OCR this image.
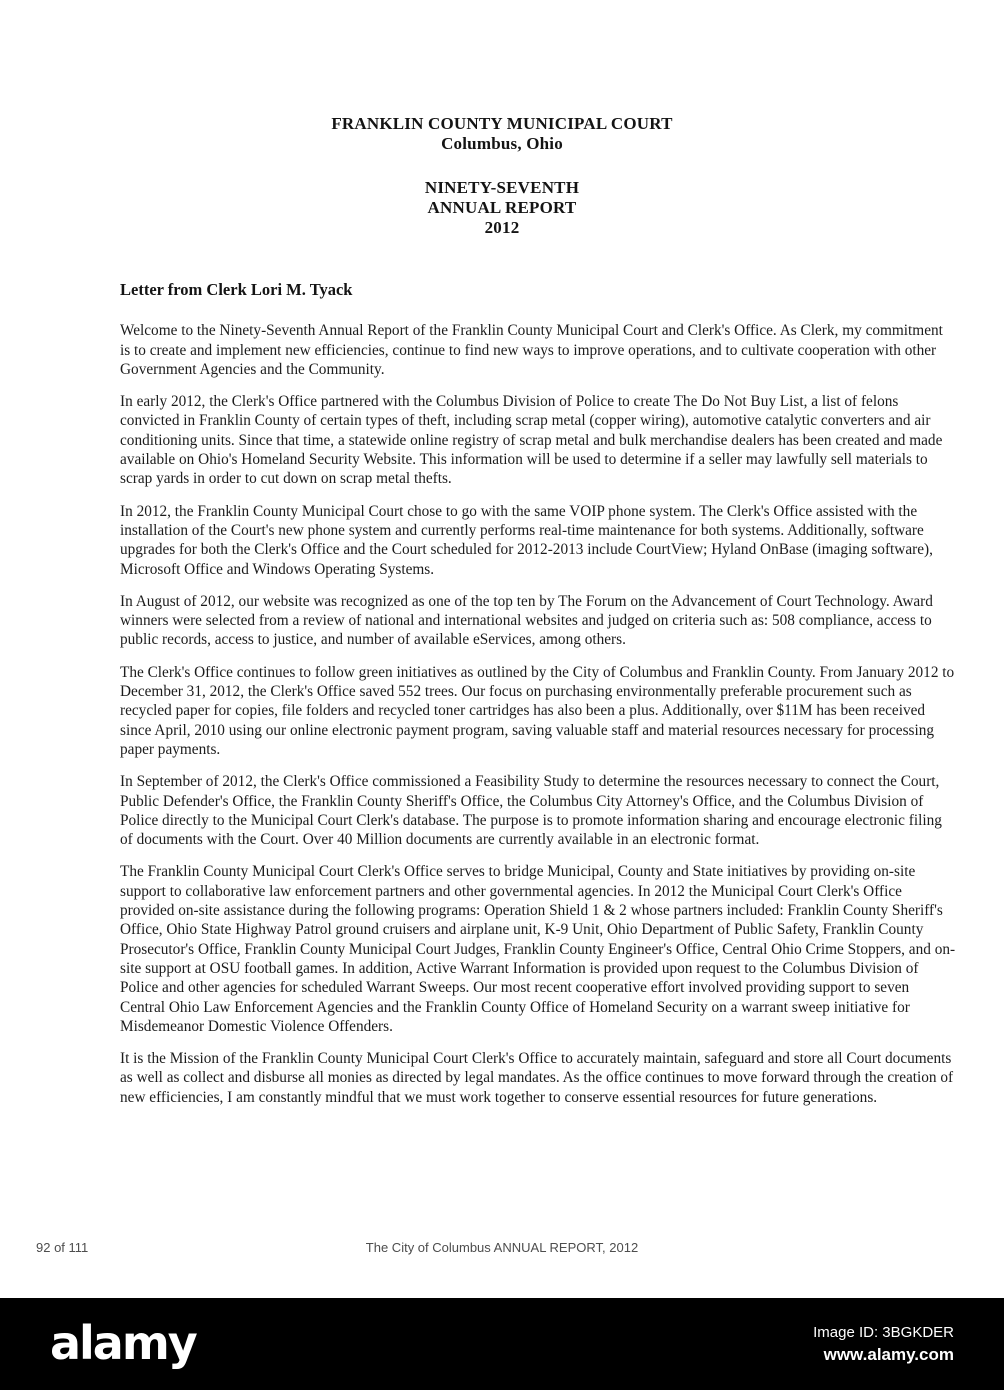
FRANKLIN COUNTY MUNICIPAL COURT
Columbus, Ohio
NINETY-SEVENTH
ANNUAL REPORT
2012
Letter from Clerk Lori M. Tyack

Welcome to the Ninety-Seventh Annual Report of the Franklin County Municipal Court and Clerk's Office. As Clerk, my commitment is to create and implement new efficiencies, continue to find new ways to improve operations, and to cultivate cooperation with other Government Agencies and the Community.

In early 2012, the Clerk's Office partnered with the Columbus Division of Police to create The Do Not Buy List, a list of felons convicted in Franklin County of certain types of theft, including scrap metal (copper wiring), automotive catalytic converters and air conditioning units. Since that time, a statewide online registry of scrap metal and bulk merchandise dealers has been created and made available on Ohio's Homeland Security Website. This information will be used to determine if a seller may lawfully sell materials to scrap yards in order to cut down on scrap metal thefts.

In 2012, the Franklin County Municipal Court chose to go with the same VOIP phone system. The Clerk's Office assisted with the installation of the Court's new phone system and currently performs real-time maintenance for both systems. Additionally, software upgrades for both the Clerk's Office and the Court scheduled for 2012-2013 include CourtView; Hyland OnBase (imaging software), Microsoft Office and Windows Operating Systems.

In August of 2012, our website was recognized as one of the top ten by The Forum on the Advancement of Court Technology. Award winners were selected from a review of national and international websites and judged on criteria such as: 508 compliance, access to public records, access to justice, and number of available eServices, among others.

The Clerk's Office continues to follow green initiatives as outlined by the City of Columbus and Franklin County. From January 2012 to December 31, 2012, the Clerk's Office saved 552 trees. Our focus on purchasing environmentally preferable procurement such as recycled paper for copies, file folders and recycled toner cartridges has also been a plus. Additionally, over $11M has been received since April, 2010 using our online electronic payment program, saving valuable staff and material resources necessary for processing paper payments.

In September of 2012, the Clerk's Office commissioned a Feasibility Study to determine the resources necessary to connect the Court, Public Defender's Office, the Franklin County Sheriff's Office, the Columbus City Attorney's Office, and the Columbus Division of Police directly to the Municipal Court Clerk's database. The purpose is to promote information sharing and encourage electronic filing of documents with the Court. Over 40 Million documents are currently available in an electronic format.

The Franklin County Municipal Court Clerk's Office serves to bridge Municipal, County and State initiatives by providing on-site support to collaborative law enforcement partners and other governmental agencies. In 2012 the Municipal Court Clerk's Office provided on-site assistance during the following programs: Operation Shield 1 & 2 whose partners included: Franklin County Sheriff's Office, Ohio State Highway Patrol ground cruisers and airplane unit, K-9 Unit, Ohio Department of Public Safety, Franklin County Prosecutor's Office, Franklin County Municipal Court Judges, Franklin County Engineer's Office, Central Ohio Crime Stoppers, and on-site support at OSU football games. In addition, Active Warrant Information is provided upon request to the Columbus Division of Police and other agencies for scheduled Warrant Sweeps. Our most recent cooperative effort involved providing support to seven Central Ohio Law Enforcement Agencies and the Franklin County Office of Homeland Security on a warrant sweep initiative for Misdemeanor Domestic Violence Offenders.

It is the Mission of the Franklin County Municipal Court Clerk's Office to accurately maintain, safeguard and store all Court documents as well as collect and disburse all monies as directed by legal mandates. As the office continues to move forward through the creation of new efficiencies, I am constantly mindful that we must work together to conserve essential resources for future generations.

92 of 111	The City of Columbus ANNUAL REPORT, 2012
alamy	Image ID: 3BGKDER
www.alamy.com
